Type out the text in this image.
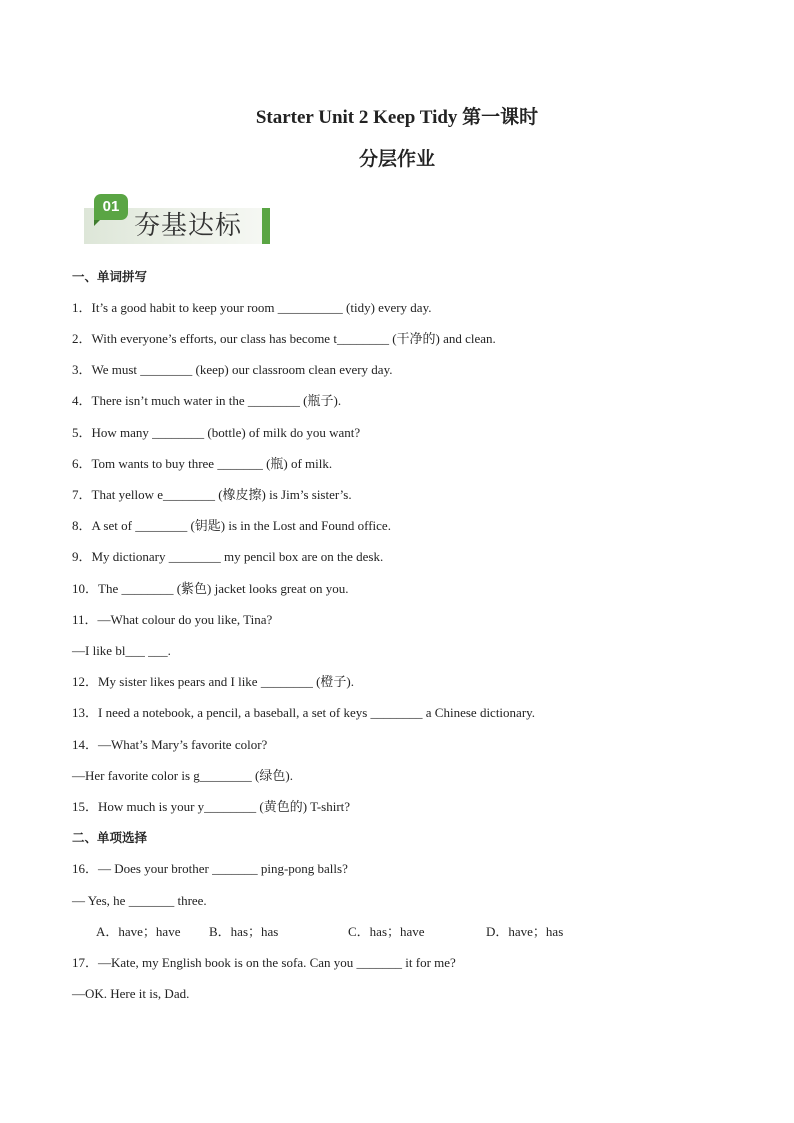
Starter Unit 2 Keep Tidy 第一课时
分层作业
01
夯基达标
一、单词拼写
1．It’s a good habit to keep your room __________ (tidy) every day.
2．With everyone’s efforts, our class has become t________ (干净的) and clean.
3．We must ________ (keep) our classroom clean every day.
4．There isn’t much water in the ________ (瓶子).
5．How many ________ (bottle) of milk do you want?
6．Tom wants to buy three _______ (瓶) of milk.
7．That yellow e________ (橡皮擦) is Jim’s sister’s.
8．A set of ________ (钥匙) is in the Lost and Found office.
9．My dictionary ________ my pencil box are on the desk.
10．The ________ (紫色) jacket looks great on you.
11．—What colour do you like, Tina?
—I like bl___ ___.
12．My sister likes pears and I like ________ (橙子).
13．I need a notebook, a pencil, a baseball, a set of keys ________ a Chinese dictionary.
14．—What’s Mary’s favorite color?
—Her favorite color is g________ (绿色).
15．How much is your y________ (黄色的) T-shirt?
二、单项选择
16．— Does your brother _______ ping-pong balls?
— Yes, he _______ three.
A．have；have B．has；has	C．has；have	D．have；has
17．—Kate, my English book is on the sofa. Can you _______ it for me?
—OK. Here it is, Dad.
